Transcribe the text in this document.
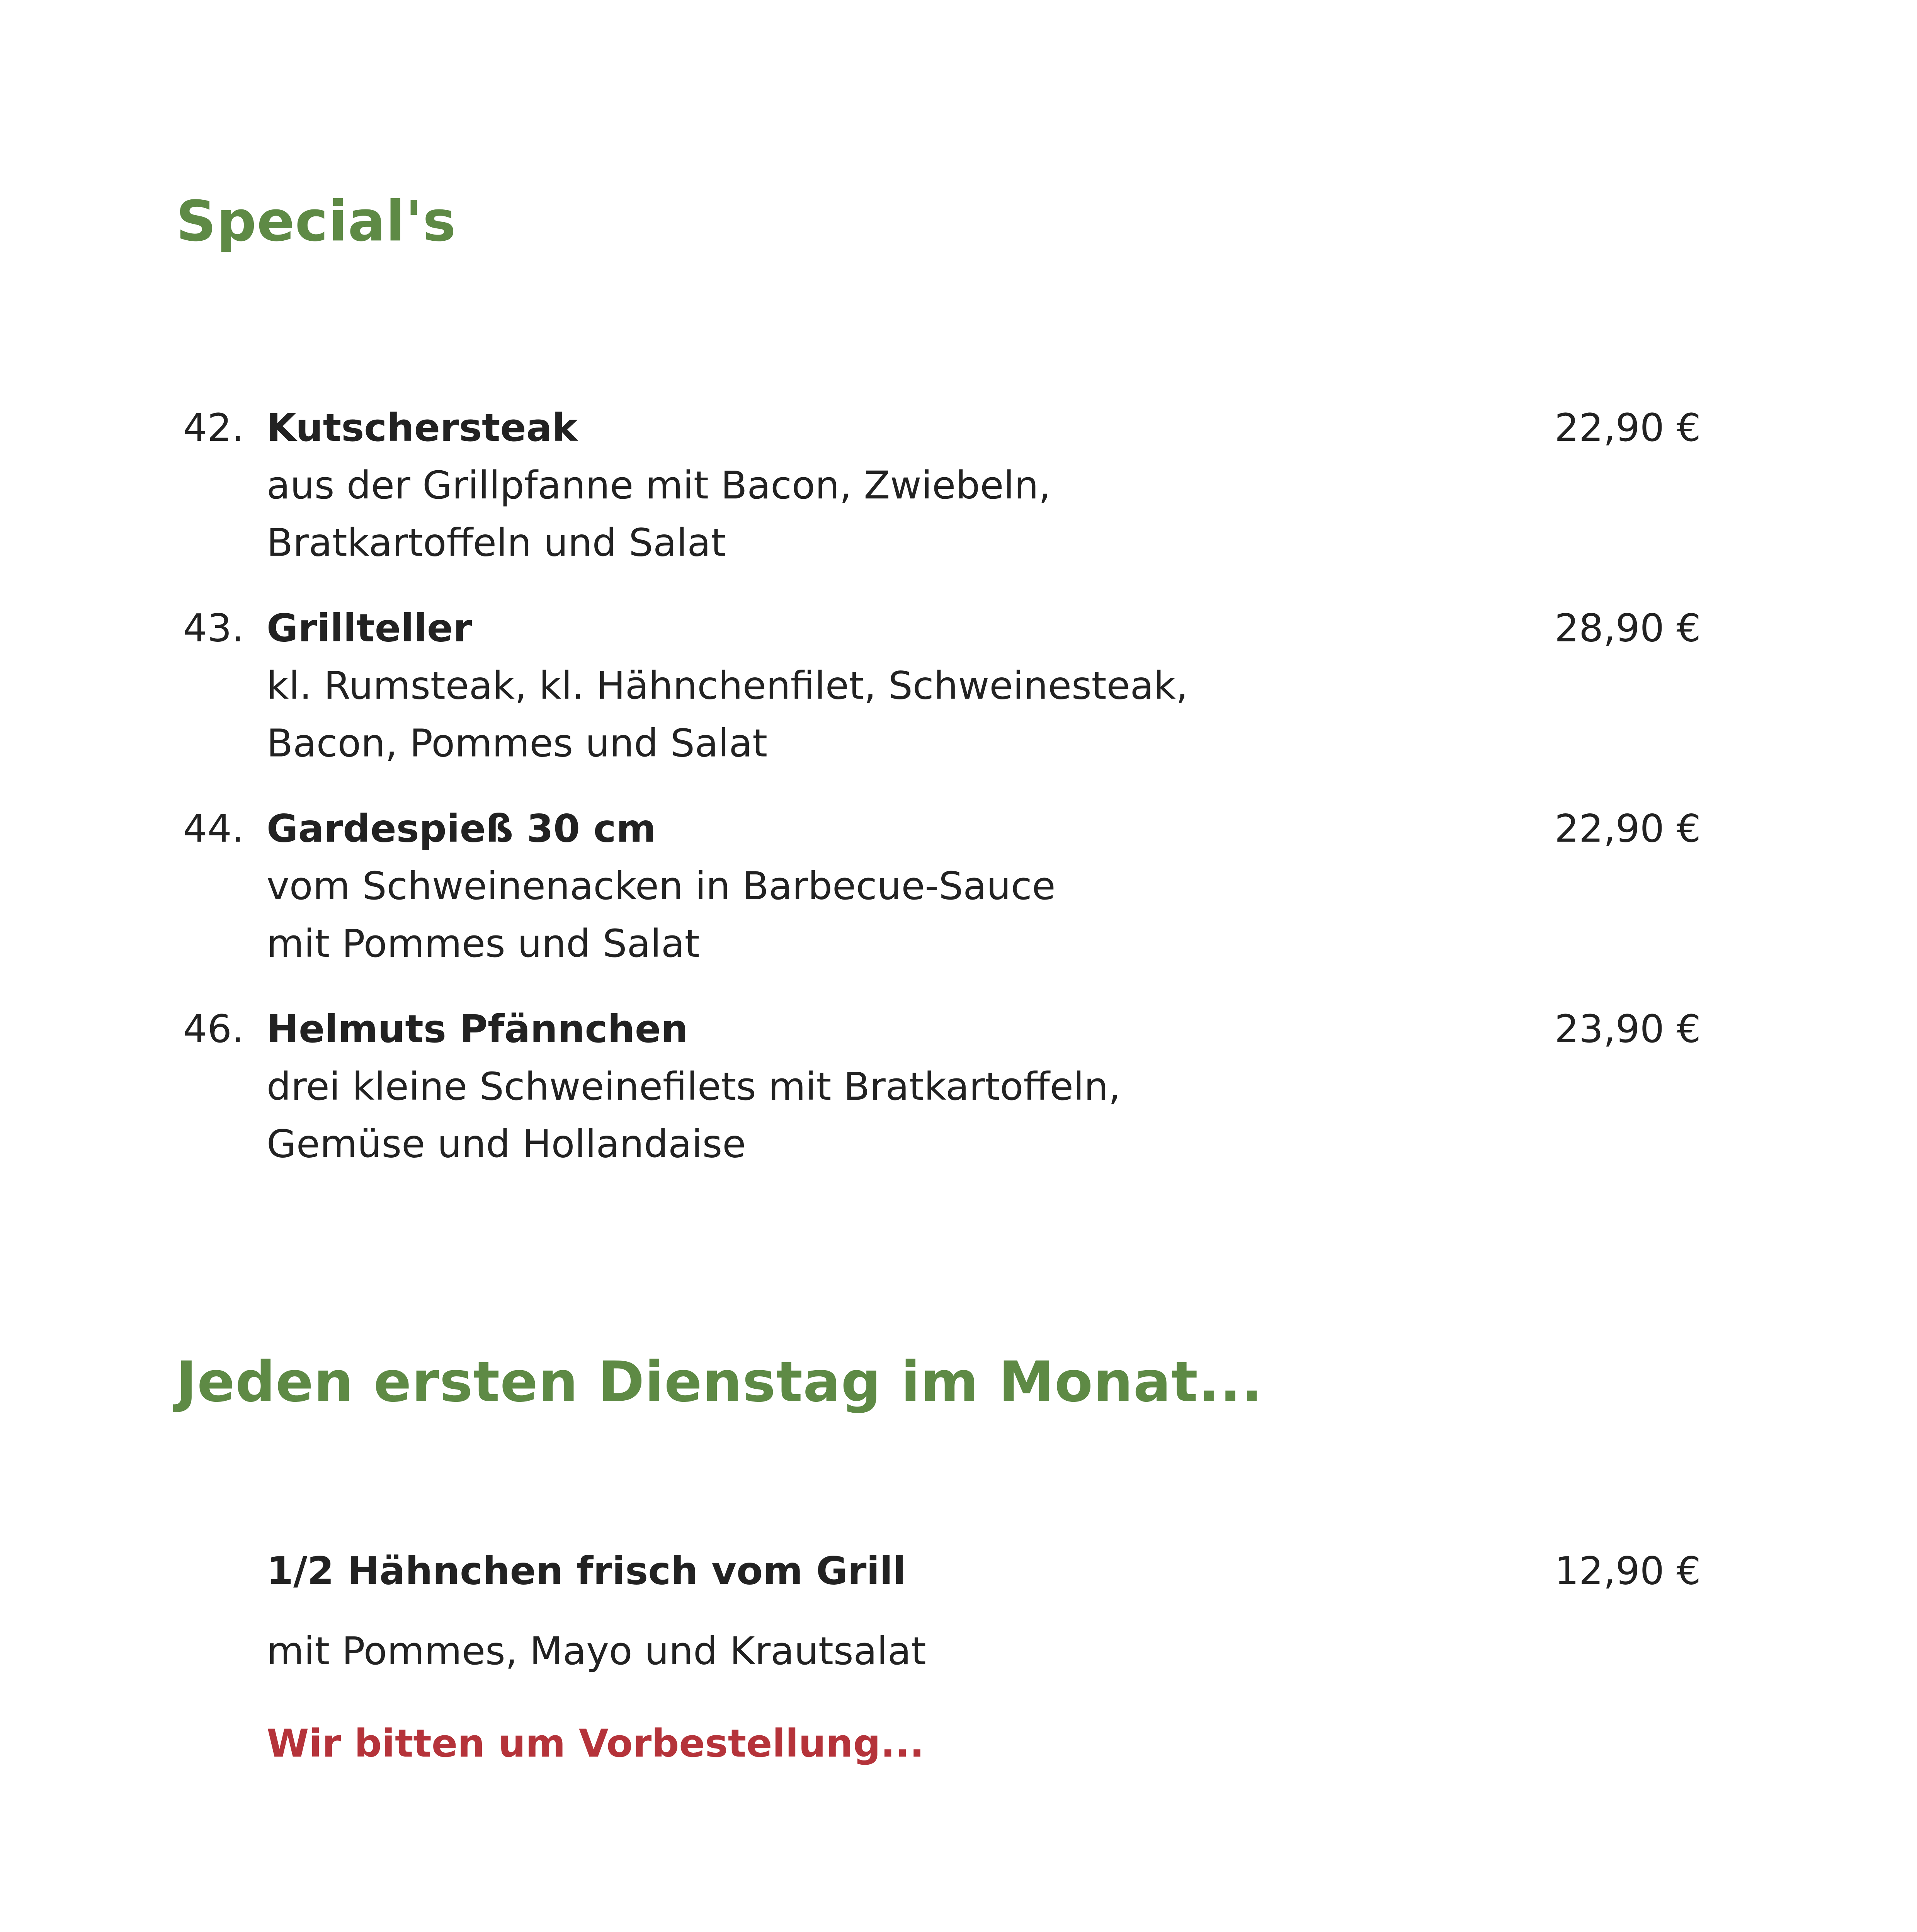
Special's
42.	Kutschersteak	22,90 €
aus der Grillpfanne mit Bacon, Zwiebeln,
Bratkartoffeln und Salat
43.	Grillteller	28,90 €
kl. Rumsteak, kl. Hähnchenfilet, Schweinesteak,
Bacon, Pommes und Salat
44.	Gardespieß 30 cm	22,90 €
vom Schweinenacken in Barbecue-Sauce
mit Pommes und Salat
46.	Helmuts Pfännchen	23,90 €
drei kleine Schweinefilets mit Bratkartoffeln,
Gemüse und Hollandaise
Jeden ersten Dienstag im Monat...
1/2 Hähnchen frisch vom Grill	12,90 €
mit Pommes, Mayo und Krautsalat
Wir bitten um Vorbestellung...
